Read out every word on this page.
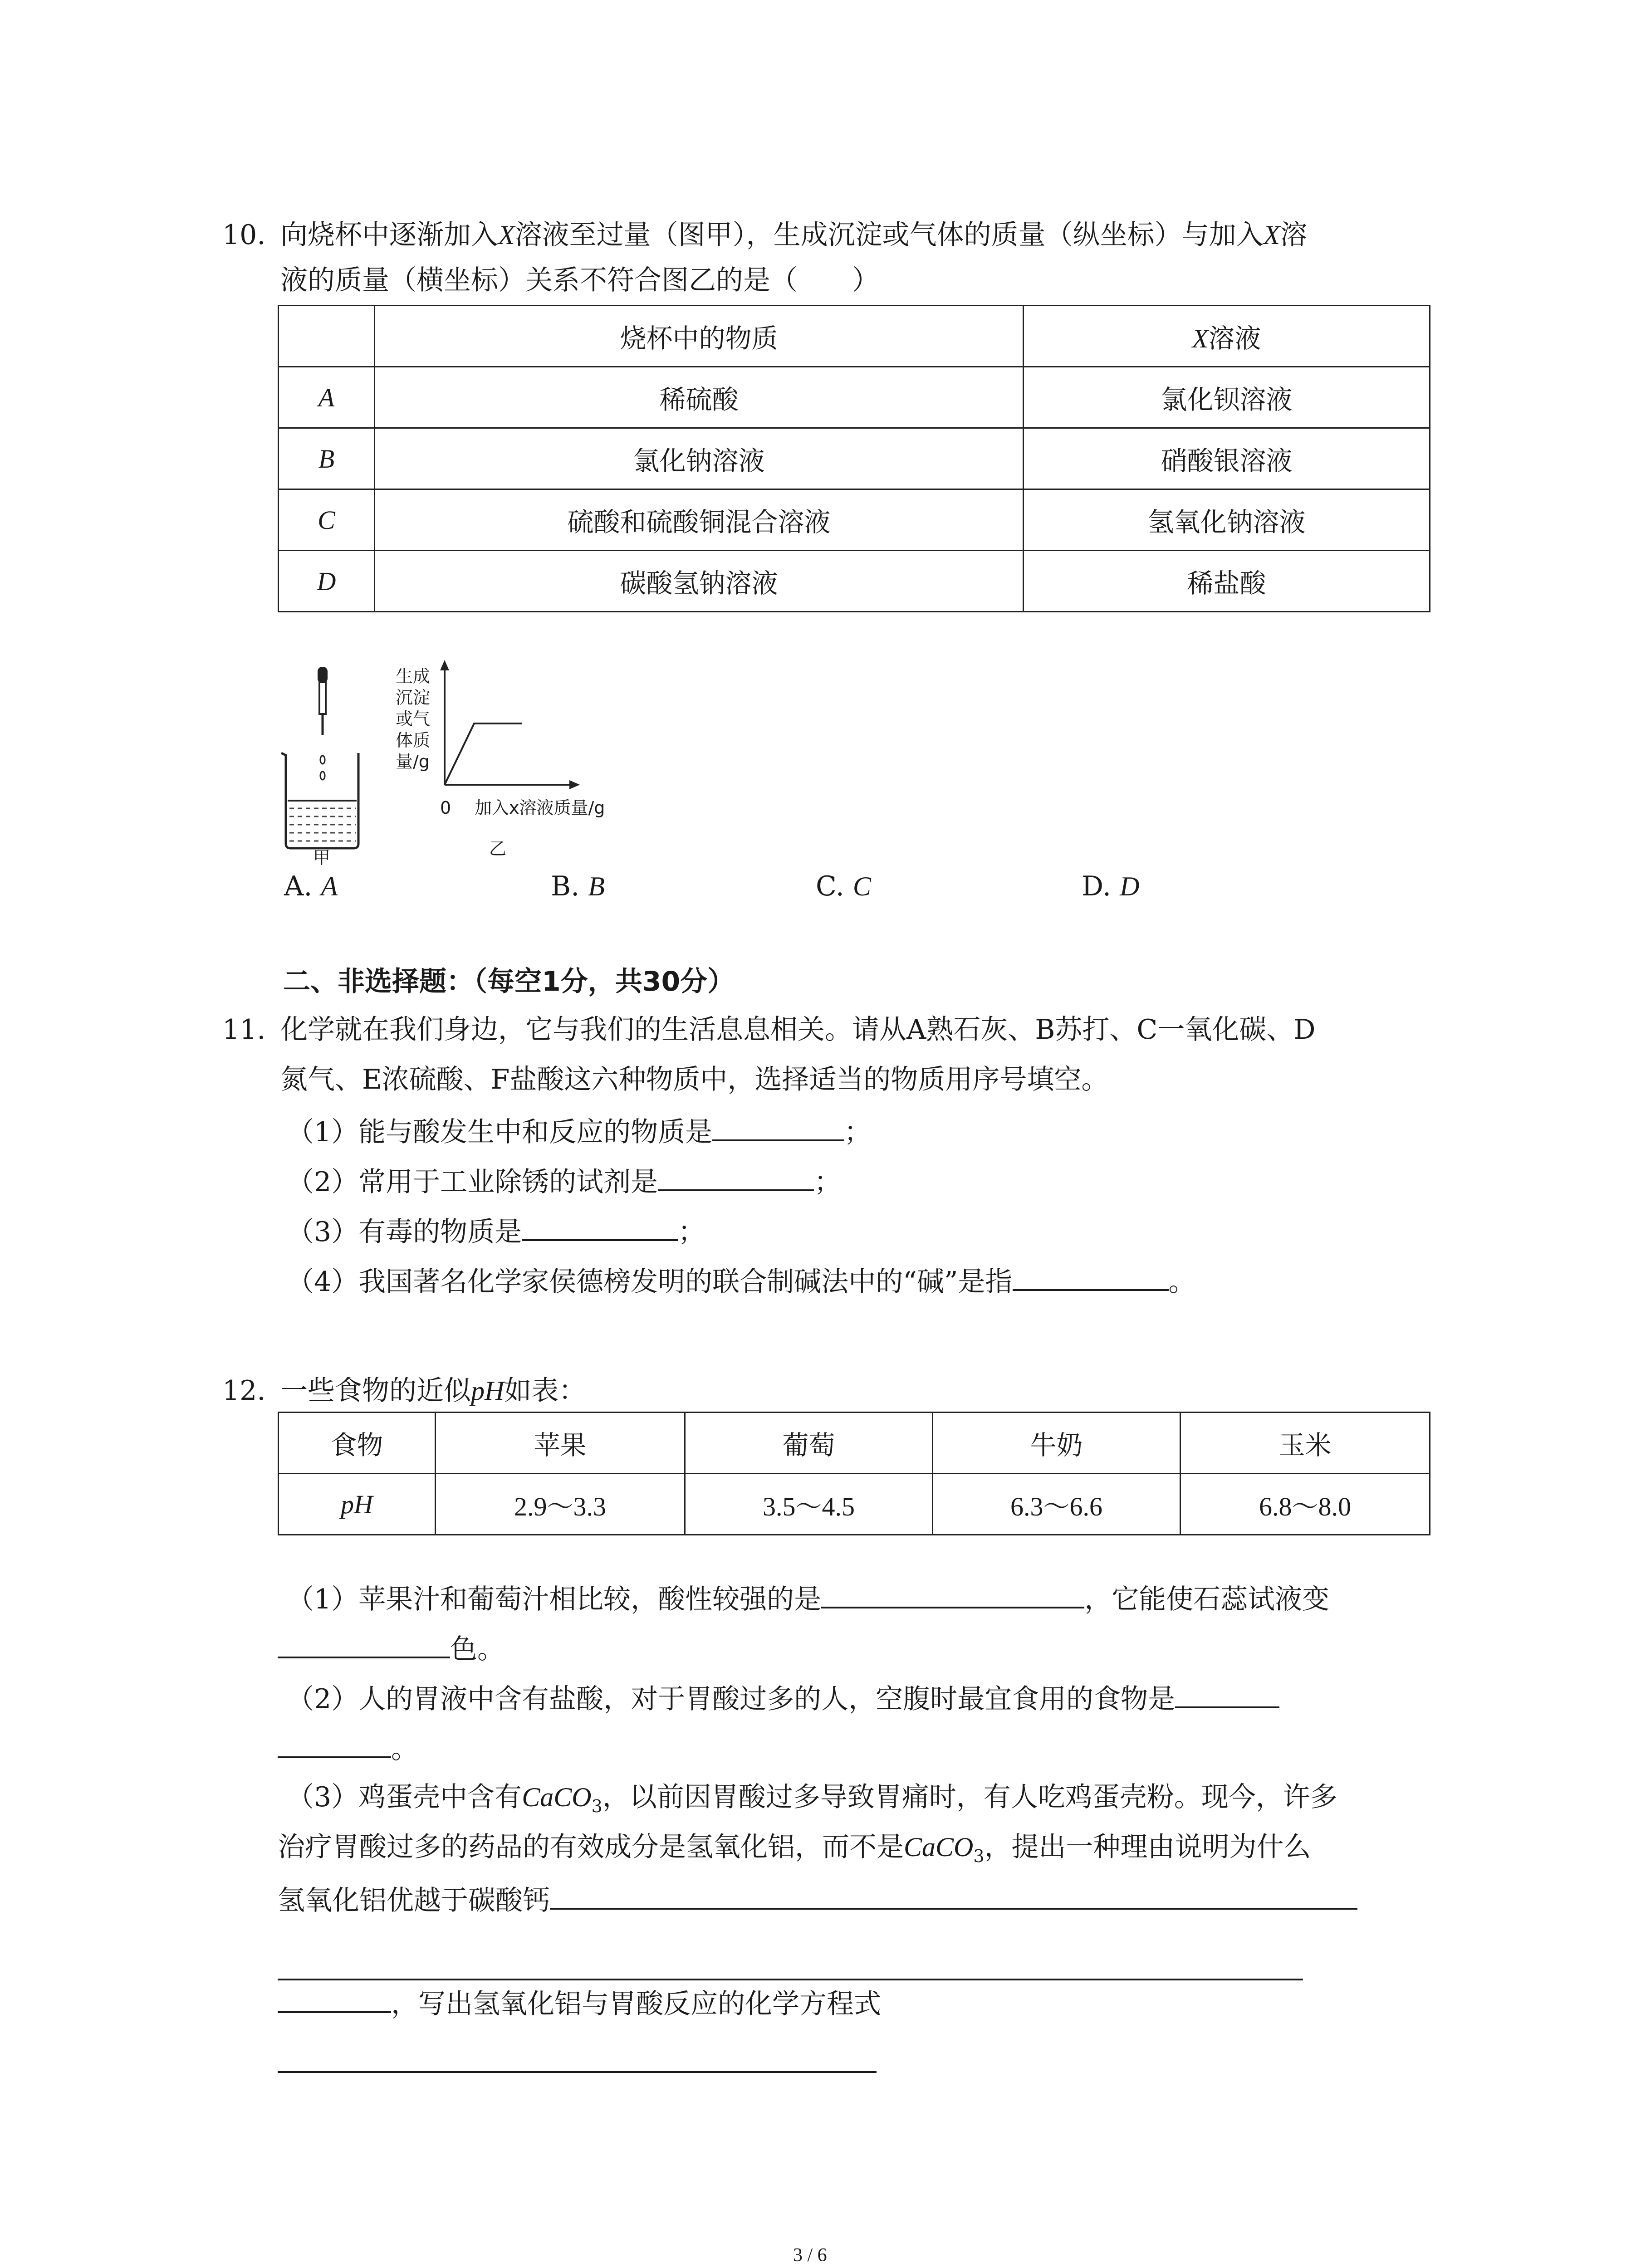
10. 向烧杯中逐渐加入X溶液至过量（图甲），生成沉淀或气体的质量（纵坐标）与加入X溶
液的质量（横坐标）关系不符合图乙的是（　　）
	烧杯中的物质	X溶液
A	稀硫酸	氯化钡溶液
B	氯化钠溶液	硝酸银溶液
C	硫酸和硫酸铜混合溶液	氢氧化钠溶液
D	碳酸氢钠溶液	稀盐酸
甲
生成
沉淀
或气
体质
量/g
0 加入x溶液质量/g
乙
A. A	B. B	C. C	D. D
二、非选择题：（每空1分，共30分）
11. 化学就在我们身边，它与我们的生活息息相关。请从A熟石灰、B苏打、C一氧化碳、D
氮气、E浓硫酸、F盐酸这六种物质中，选择适当的物质用序号填空。
（1）能与酸发生中和反应的物质是	；
（2）常用于工业除锈的试剂是	；
（3）有毒的物质是	；
（4）我国著名化学家侯德榜发明的联合制碱法中的“碱”是指	。
12. 一些食物的近似pH如表：
食物	苹果	葡萄	牛奶	玉米
pH	2.9～3.3	3.5～4.5	6.3～6.6	6.8～8.0
（1）苹果汁和葡萄汁相比较，酸性较强的是	，它能使石蕊试液变
色。
（2）人的胃液中含有盐酸，对于胃酸过多的人，空腹时最宜食用的食物是
。
（3）鸡蛋壳中含有CaCO$_3$，以前因胃酸过多导致胃痛时，有人吃鸡蛋壳粉。现今，许多
治疗胃酸过多的药品的有效成分是氢氧化铝，而不是CaCO$_3$，提出一种理由说明为什么
氢氧化铝优越于碳酸钙
，写出氢氧化铝与胃酸反应的化学方程式
3 / 6
